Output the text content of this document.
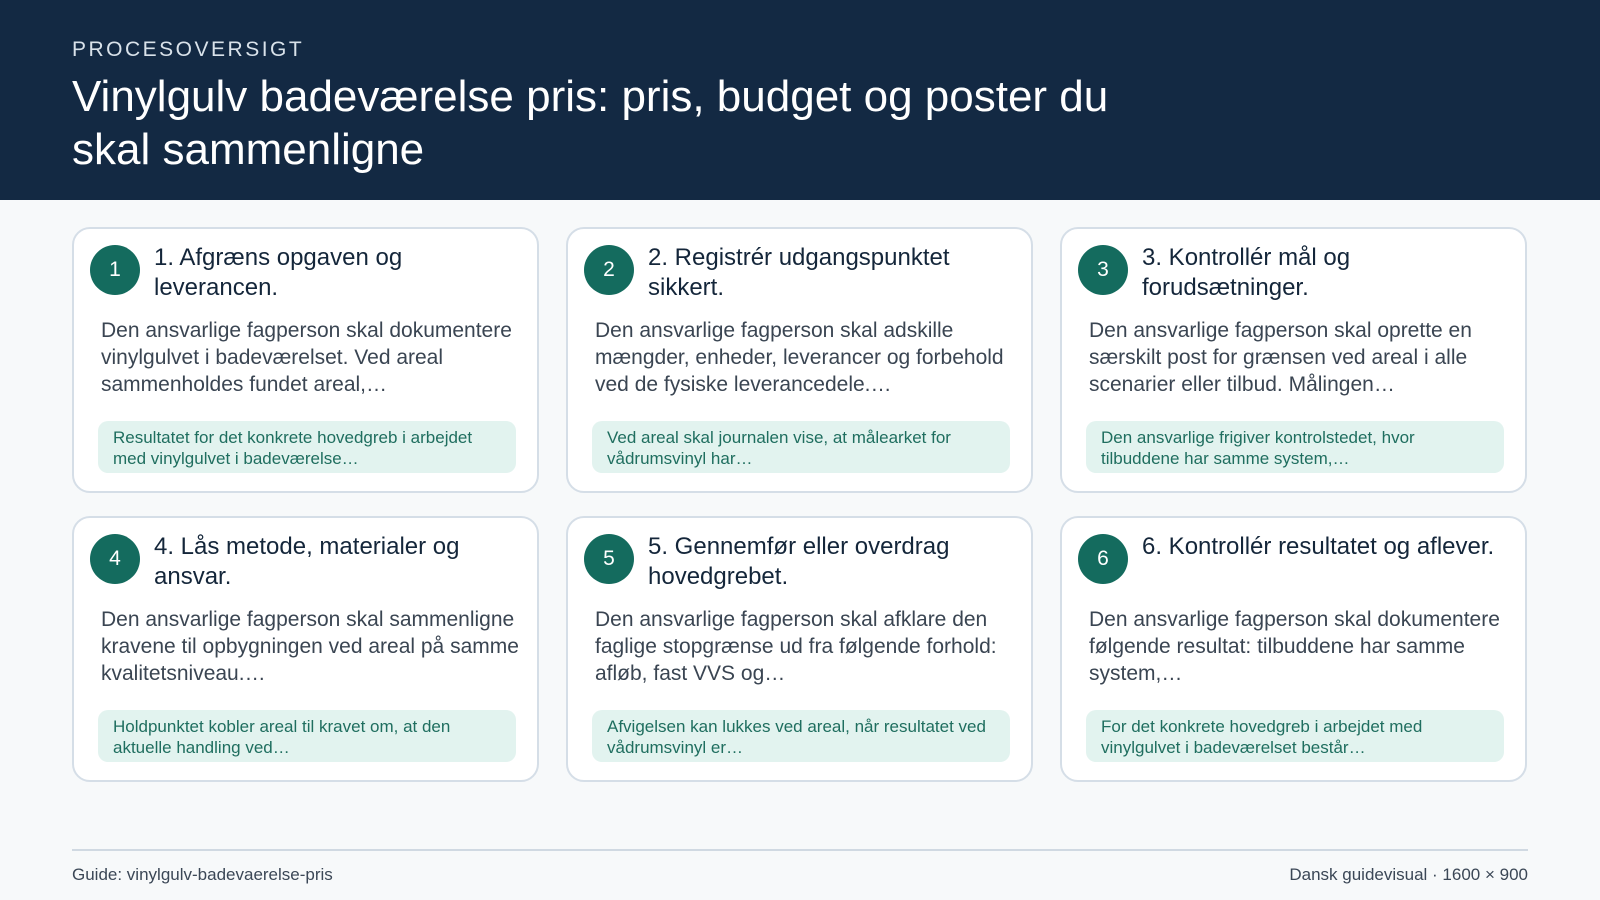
PROCESOVERSIGT
Vinylgulv badeværelse pris: pris, budget og poster du skal sammenligne
1	1. Afgræns opgaven og leverancen.
Den ansvarlige fagperson skal dokumentere vinylgulvet i badeværelset. Ved areal sammenholdes fundet areal,…
Resultatet for det konkrete hovedgreb i arbejdet med vinylgulvet i badeværelse…
2	2. Registrér udgangspunktet sikkert.
Den ansvarlige fagperson skal adskille mængder, enheder, leverancer og forbehold ved de fysiske leverancedele.…
Ved areal skal journalen vise, at målearket for vådrumsvinyl har…
3	3. Kontrollér mål og forudsætninger.
Den ansvarlige fagperson skal oprette en særskilt post for grænsen ved areal i alle scenarier eller tilbud. Målingen…
Den ansvarlige frigiver kontrolstedet, hvor tilbuddene har samme system,…
4	4. Lås metode, materialer og ansvar.
Den ansvarlige fagperson skal sammenligne kravene til opbygningen ved areal på samme kvalitetsniveau.…
Holdpunktet kobler areal til kravet om, at den aktuelle handling ved…
5	5. Gennemfør eller overdrag hovedgrebet.
Den ansvarlige fagperson skal afklare den faglige stopgrænse ud fra følgende forhold: afløb, fast VVS og…
Afvigelsen kan lukkes ved areal, når resultatet ved vådrumsvinyl er…
6	6. Kontrollér resultatet og aflever.
Den ansvarlige fagperson skal dokumentere følgende resultat: tilbuddene har samme system,…
For det konkrete hovedgreb i arbejdet med vinylgulvet i badeværelset består…
Guide: vinylgulv-badevaerelse-pris	Dansk guidevisual · 1600 × 900
